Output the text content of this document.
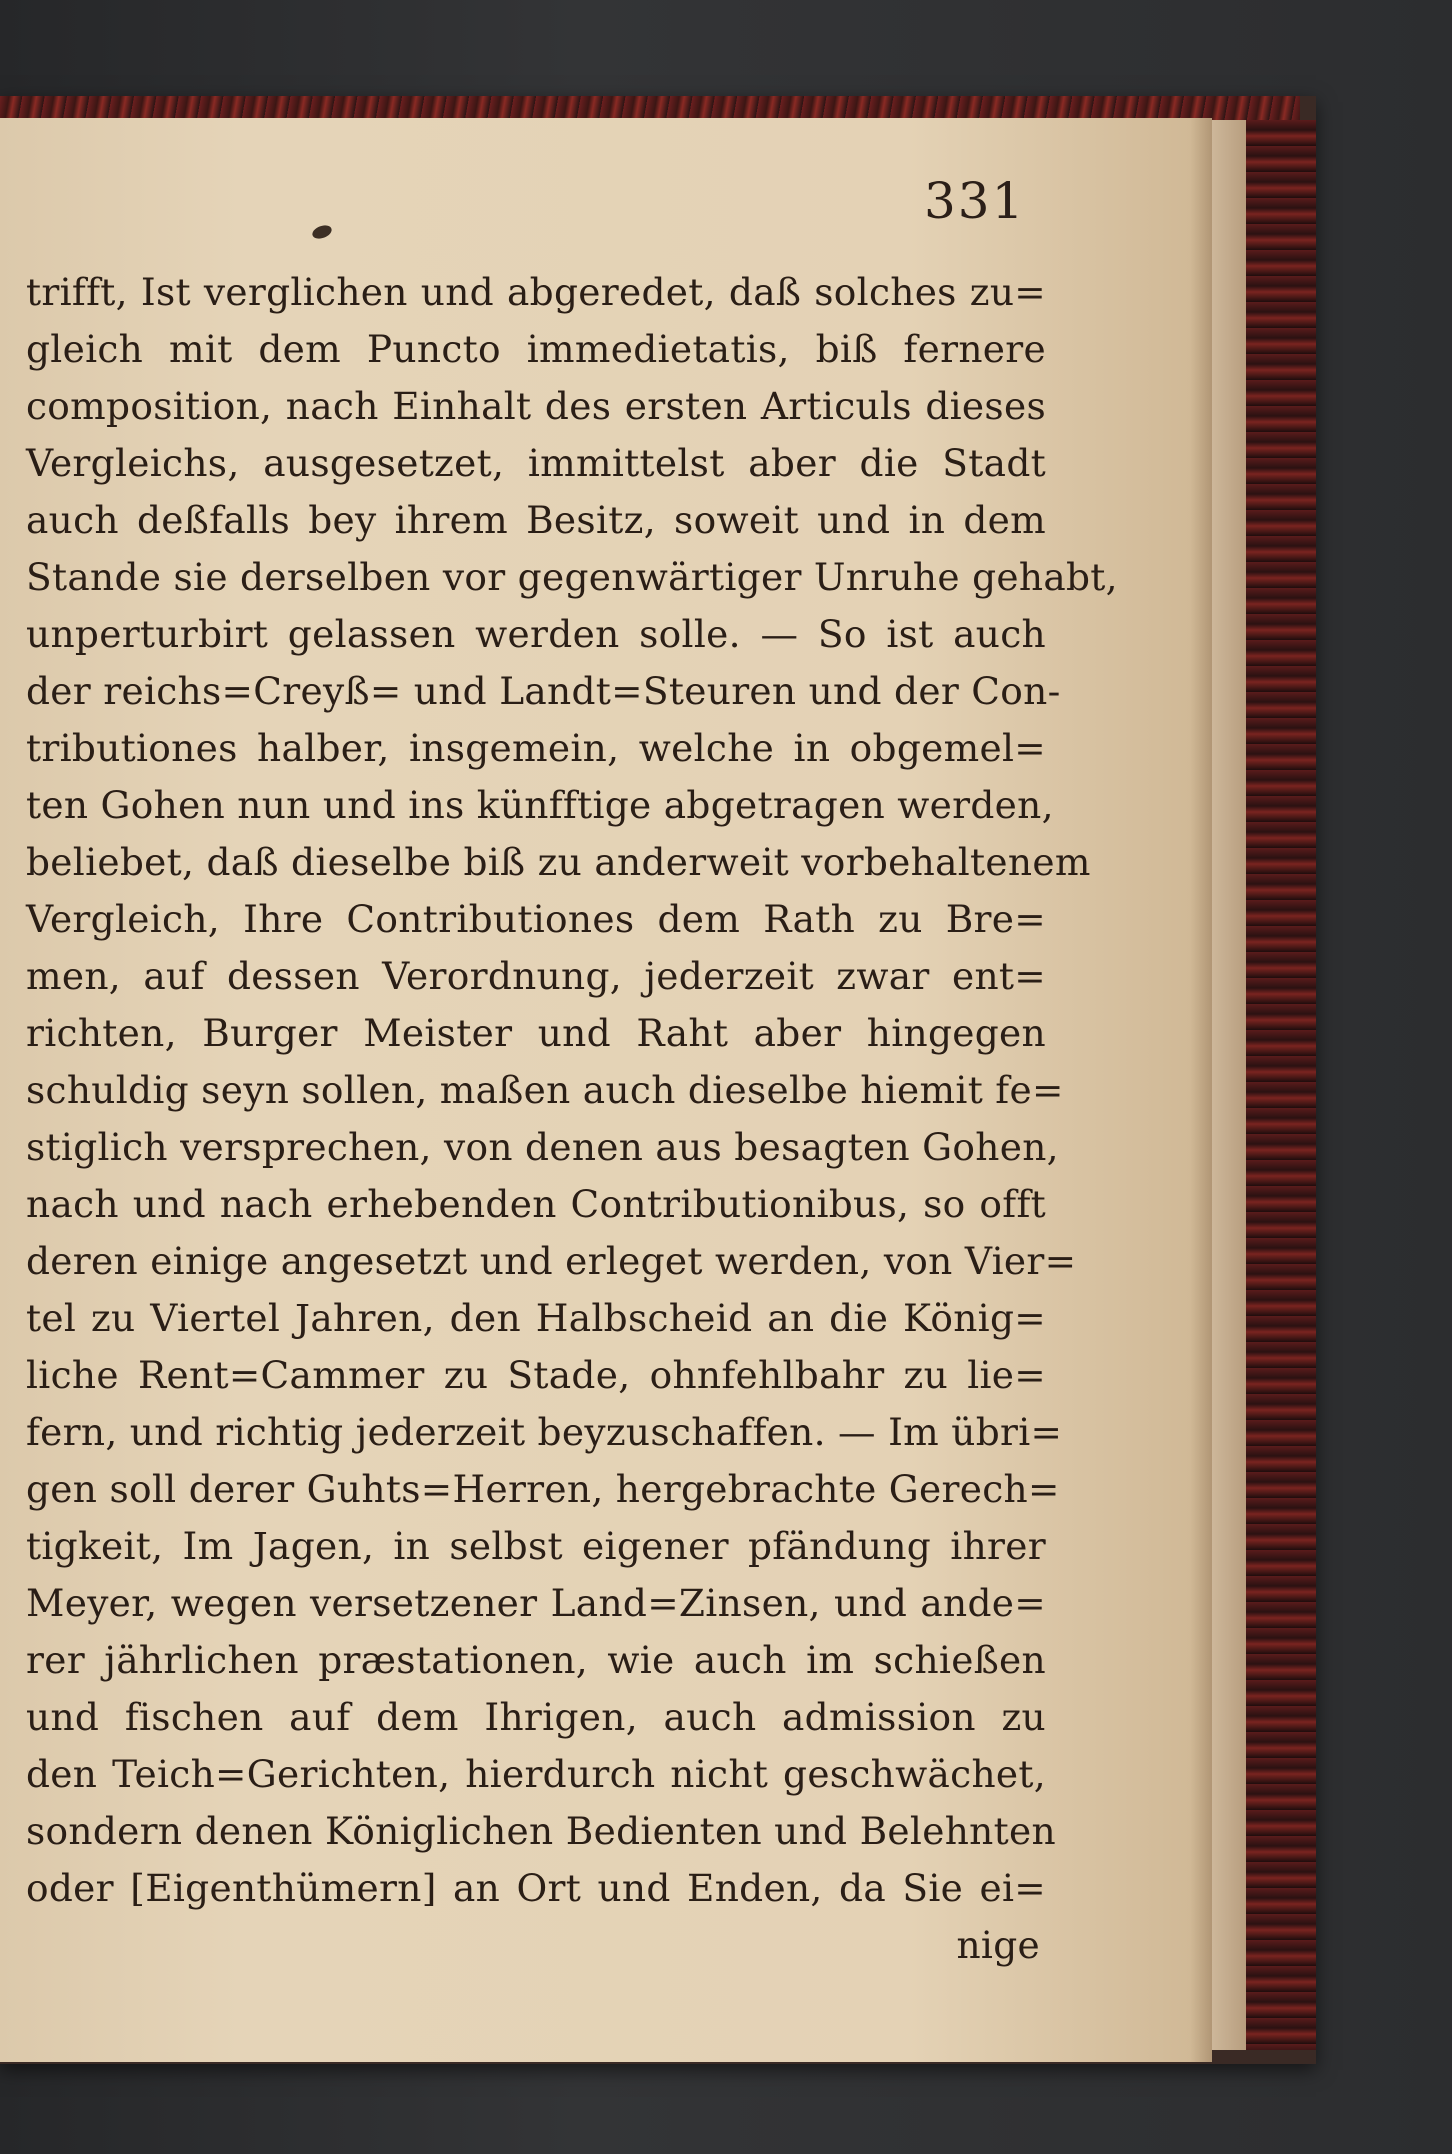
331
trifft, Ist verglichen und abgeredet, daß solches zu=
gleich mit dem Puncto immedietatis, biß fernere
composition, nach Einhalt des ersten Articuls dieses
Vergleichs, ausgesetzet, immittelst aber die Stadt
auch deßfalls bey ihrem Besitz, soweit und in dem
Stande sie derselben vor gegenwärtiger Unruhe gehabt,
unperturbirt gelassen werden solle. — So ist auch
der reichs=Creyß= und Landt=Steuren und der Con-
tributiones halber, insgemein, welche in obgemel=
ten Gohen nun und ins künfftige abgetragen werden,
beliebet, daß dieselbe biß zu anderweit vorbehaltenem
Vergleich, Ihre Contributiones dem Rath zu Bre=
men, auf dessen Verordnung, jederzeit zwar ent=
richten, Burger Meister und Raht aber hingegen
schuldig seyn sollen, maßen auch dieselbe hiemit fe=
stiglich versprechen, von denen aus besagten Gohen,
nach und nach erhebenden Contributionibus, so offt
deren einige angesetzt und erleget werden, von Vier=
tel zu Viertel Jahren, den Halbscheid an die König=
liche Rent=Cammer zu Stade, ohnfehlbahr zu lie=
fern, und richtig jederzeit beyzuschaffen. — Im übri=
gen soll derer Guhts=Herren, hergebrachte Gerech=
tigkeit, Im Jagen, in selbst eigener pfändung ihrer
Meyer, wegen versetzener Land=Zinsen, und ande=
rer jährlichen præstationen, wie auch im schießen
und fischen auf dem Ihrigen, auch admission zu
den Teich=Gerichten, hierdurch nicht geschwächet,
sondern denen Königlichen Bedienten und Belehnten
oder [Eigenthümern] an Ort und Enden, da Sie ei=
nige
